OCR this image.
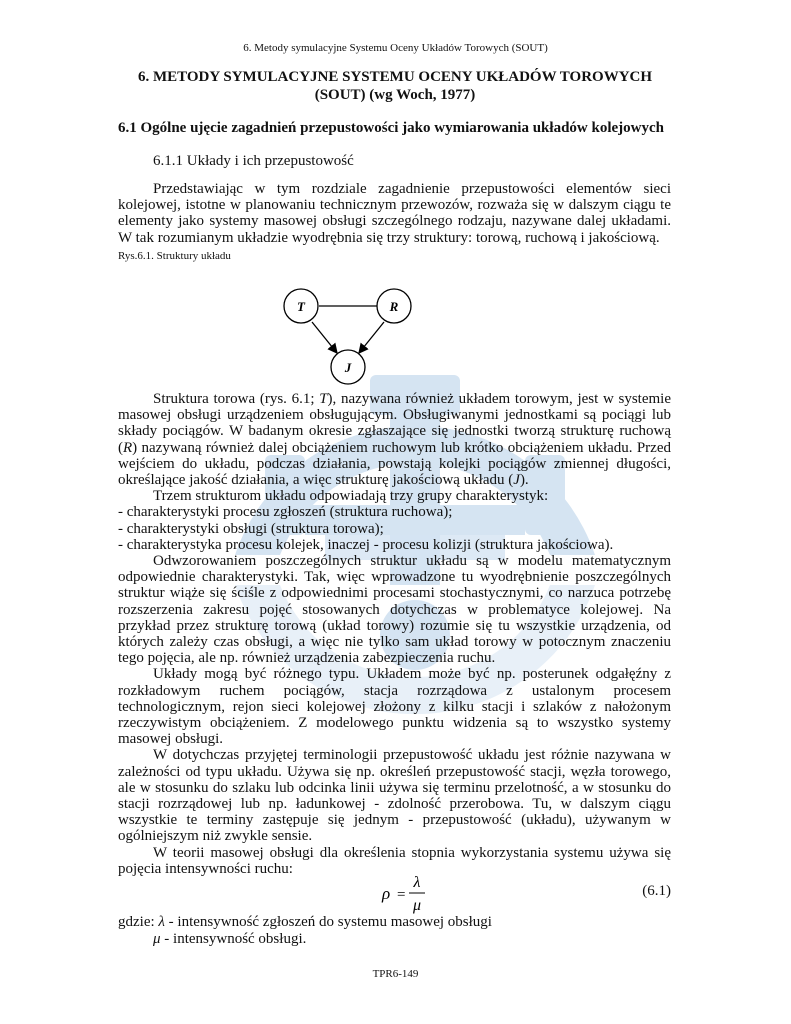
6. Metody symulacyjne Systemu Oceny Układów Torowych (SOUT)
6. METODY SYMULACYJNE SYSTEMU OCENY UKŁADÓW TOROWYCH
(SOUT) (wg Woch, 1977)
6.1 Ogólne ujęcie zagadnień przepustowości jako wymiarowania układów kolejowych
6.1.1 Układy i ich przepustowość

Przedstawiając w tym rozdziale zagadnienie przepustowości elementów sieci kolejowej, istotne w planowaniu technicznym przewozów, rozważa się w dalszym ciągu te elementy jako systemy masowej obsługi szczególnego rodzaju, nazywane dalej układami. W tak rozumianym układzie wyodrębnia się trzy struktury: torową, ruchową i jakościową.

Rys.6.1. Struktury układu
T	R
J

Struktura torowa (rys. 6.1; T), nazywana również układem torowym, jest w systemie masowej obsługi urządzeniem obsługującym. Obsługiwanymi jednostkami są pociągi lub składy pociągów. W badanym okresie zgłaszające się jednostki tworzą strukturę ruchową (R) nazywaną również dalej obciążeniem ruchowym lub krótko obciążeniem układu. Przed wejściem do układu, podczas działania, powstają kolejki pociągów zmiennej długości, określające jakość działania, a więc strukturę jakościową układu (J).

Trzem strukturom układu odpowiadają trzy grupy charakterystyk:

- charakterystyki procesu zgłoszeń (struktura ruchowa);
- charakterystyki obsługi (struktura torowa);
- charakterystyka procesu kolejek, inaczej - procesu kolizji (struktura jakościowa).

Odwzorowaniem poszczególnych struktur układu są w modelu matematycznym odpowiednie charakterystyki. Tak, więc wprowadzone tu wyodrębnienie poszczególnych struktur wiąże się ściśle z odpowiednimi procesami stochastycznymi, co narzuca potrzebę rozszerzenia zakresu pojęć stosowanych dotychczas w problematyce kolejowej. Na przykład przez strukturę torową (układ torowy) rozumie się tu wszystkie urządzenia, od których zależy czas obsługi, a więc nie tylko sam układ torowy w potocznym znaczeniu tego pojęcia, ale np. również urządzenia zabezpieczenia ruchu.

Układy mogą być różnego typu. Układem może być np. posterunek odgałęźny z rozkładowym ruchem pociągów, stacja rozrządowa z ustalonym procesem technologicznym, rejon sieci kolejowej złożony z kilku stacji i szlaków z nałożonym rzeczywistym obciążeniem. Z modelowego punktu widzenia są to wszystko systemy masowej obsługi.

W dotychczas przyjętej terminologii przepustowość układu jest różnie nazywana w zależności od typu układu. Używa się np. określeń przepustowość stacji, węzła torowego, ale w stosunku do szlaku lub odcinka linii używa się terminu przelotność, a w stosunku do stacji rozrządowej lub np. ładunkowej - zdolność przerobowa. Tu, w dalszym ciągu wszystkie te terminy zastępuje się jednym - przepustowość (układu), używanym w ogólniejszym niż zwykle sensie.

W teorii masowej obsługi dla określenia stopnia wykorzystania systemu używa się pojęcia intensywności ruchu:

ρ =
λ
μ
(6.1)
gdzie: λ - intensywność zgłoszeń do systemu masowej obsługi
μ - intensywność obsługi.
TPR6-149
